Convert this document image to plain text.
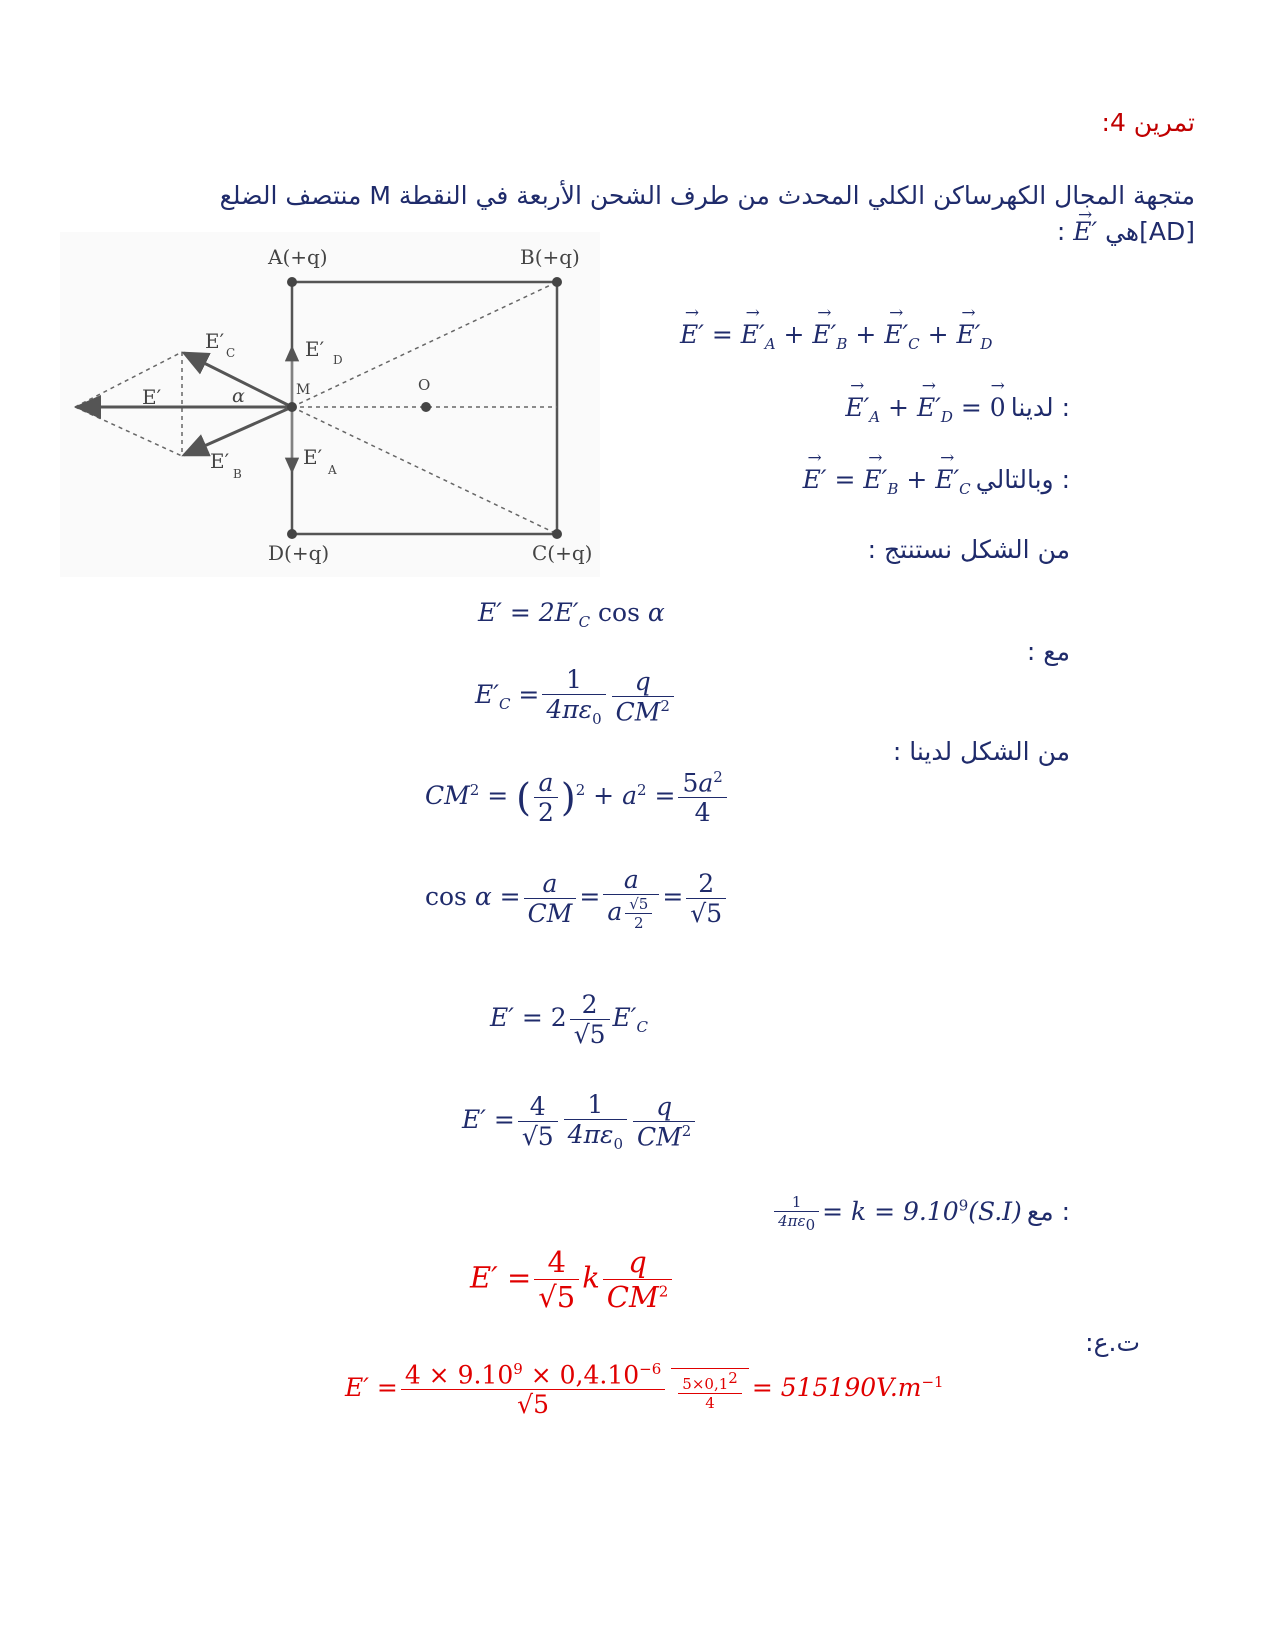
تمرين 4:
متجهة المجال الكهرساكن الكلي المحدث من طرف الشحن الأربعة في النقطة M منتصف الضلع
[AD]هي → E′ :
A(+q)	B(+q)
D(+q)	C(+q)
M	O
α
E′ C	E′ D
E′
E′
B
E′
A
→ E′ = → $E'_A$ + → $E'_B$ + → $E'_C$ + → $E'_D$
→ $E'_A$ + → $E'_D$ = → 0 لدينا :
→ E′ = → $E'_B$ + → $E'_C$ وبالتالي :
من الشكل نستنتج :
$E' = 2E'_C$ cos α
مع :
$E'_C = \frac{1}{4\pi\varepsilon_0} \frac{q}{CM^2}$
من الشكل لدينا :
$CM^2$ = ( $\frac{a}{2} )^2 + a^2 = \frac{5a^2}{4}$
$\cos \alpha = \frac{a}{CM} = \frac{a}{a \frac{√5}{2}} = \frac{2}{√5}$
$E' = 2 \frac{2}{√5} E'_C$
$E' = \frac{4}{√5} \frac{1}{4\pi\varepsilon_0} \frac{q}{CM^2}$
$\frac{1}{4\pi\varepsilon 0} = k = 9.10^9(S.I)$ مع :
$E' = \frac{4}{√5}$ k $\frac{q}{CM^2}$
ت.ع:
$E' = \frac{4 \times 9.10^9 \times 0,4.10^{-6}}{√5} \frac{5\times 0,12}{4} = 515190V.m^{-1}$
